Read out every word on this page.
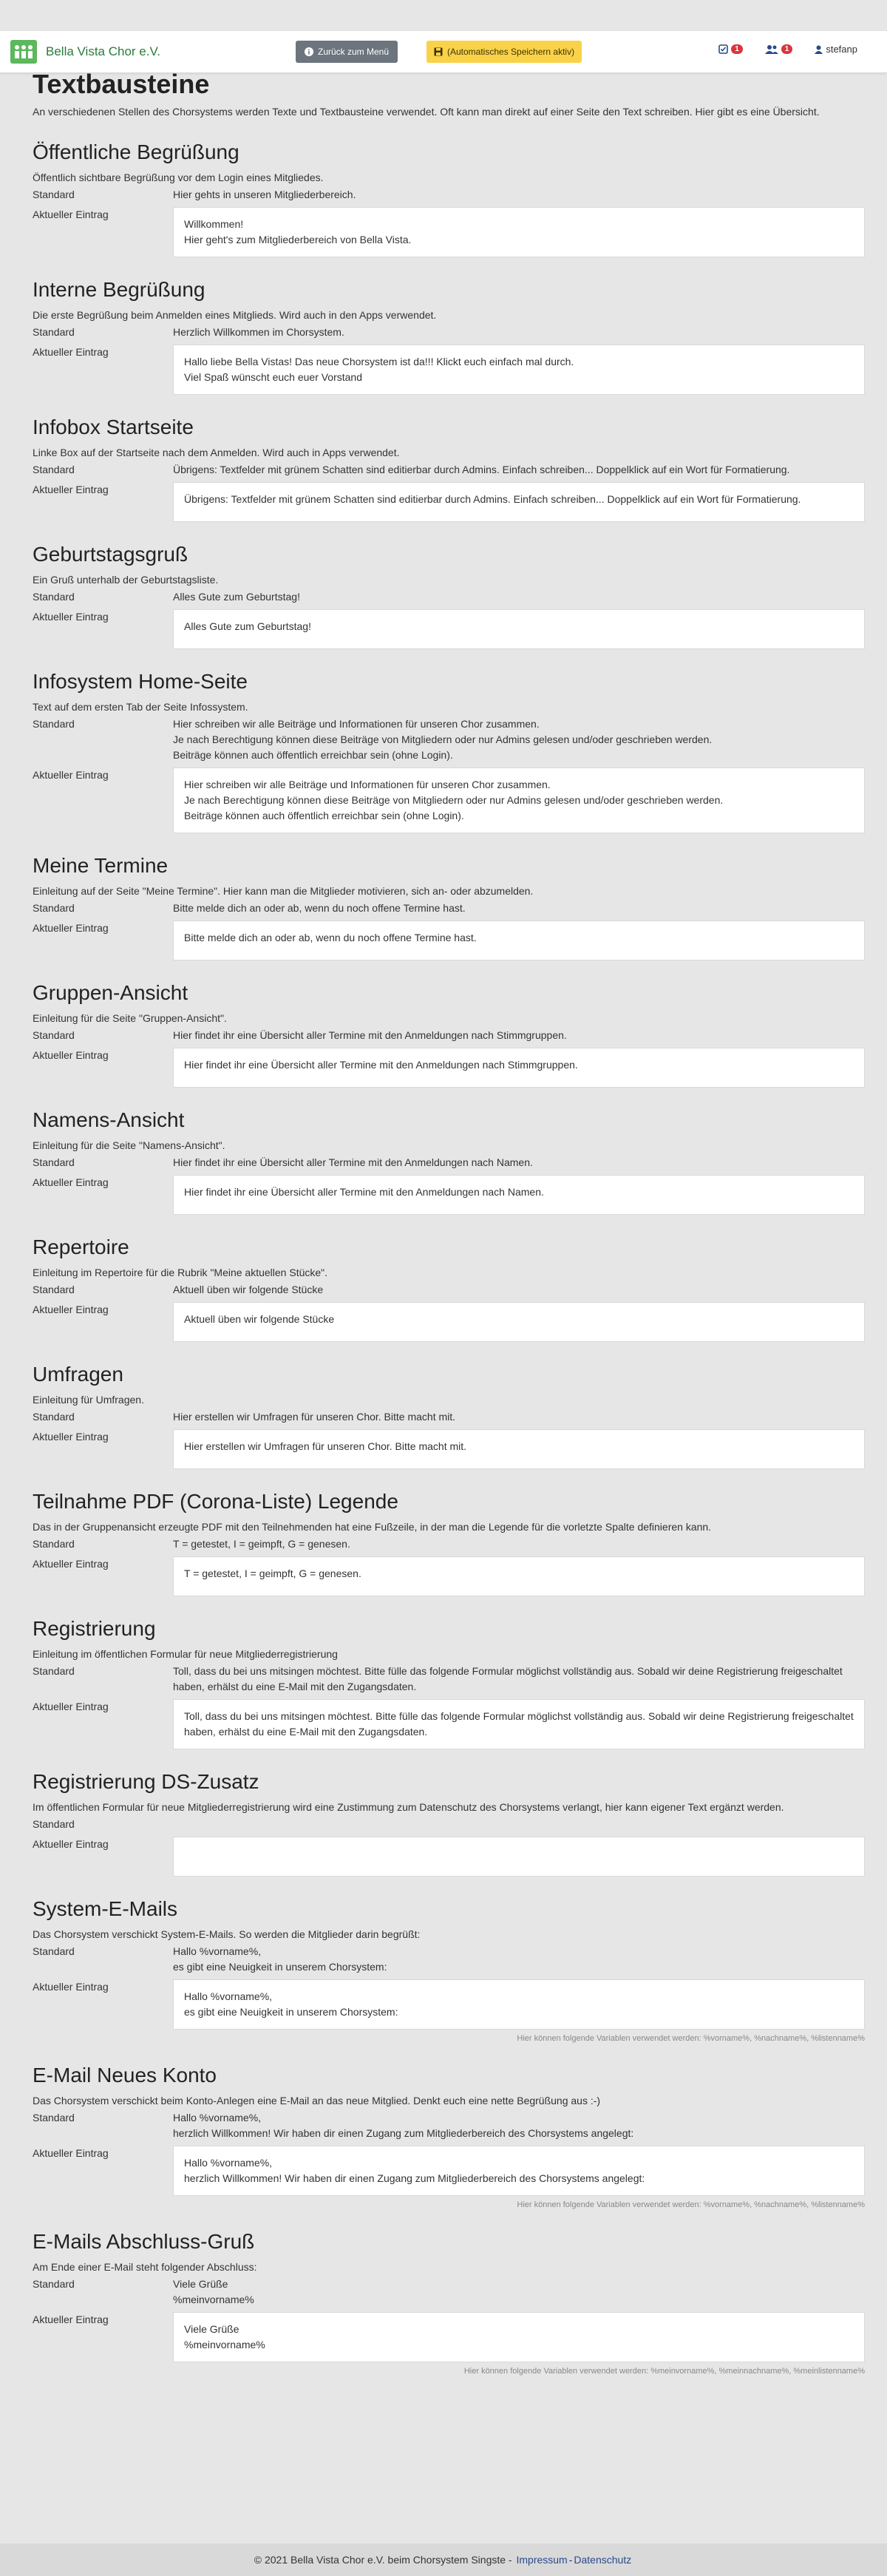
Bella Vista Chor e.V.	Zurück zum Menü	(Automatisches Speichern aktiv)	1	1	stefanp
Textbausteine

An verschiedenen Stellen des Chorsystems werden Texte und Textbausteine verwendet. Oft kann man direkt auf einer Seite den Text schreiben. Hier gibt es eine Übersicht.

Öffentliche Begrüßung

Öffentlich sichtbare Begrüßung vor dem Login eines Mitgliedes.

Standard	Hier gehts in unseren Mitgliederbereich.
Aktueller Eintrag
Willkommen!
Hier geht's zum Mitgliederbereich von Bella Vista.
Interne Begrüßung

Die erste Begrüßung beim Anmelden eines Mitglieds. Wird auch in den Apps verwendet.

Standard	Herzlich Willkommen im Chorsystem.
Aktueller Eintrag
Hallo liebe Bella Vistas! Das neue Chorsystem ist da!!! Klickt euch einfach mal durch.
Viel Spaß wünscht euch euer Vorstand
Infobox Startseite

Linke Box auf der Startseite nach dem Anmelden. Wird auch in Apps verwendet.

Standard	Übrigens: Textfelder mit grünem Schatten sind editierbar durch Admins. Einfach schreiben... Doppelklick auf ein Wort für Formatierung.
Aktueller Eintrag
Übrigens: Textfelder mit grünem Schatten sind editierbar durch Admins. Einfach schreiben... Doppelklick auf ein Wort für Formatierung.
Geburtstagsgruß

Ein Gruß unterhalb der Geburtstagsliste.

Standard	Alles Gute zum Geburtstag!
Aktueller Eintrag
Alles Gute zum Geburtstag!
Infosystem Home-Seite

Text auf dem ersten Tab der Seite Infossystem.

Standard	Hier schreiben wir alle Beiträge und Informationen für unseren Chor zusammen.
Je nach Berechtigung können diese Beiträge von Mitgliedern oder nur Admins gelesen und/oder geschrieben werden.
Beiträge können auch öffentlich erreichbar sein (ohne Login).
Aktueller Eintrag
Hier schreiben wir alle Beiträge und Informationen für unseren Chor zusammen.
Je nach Berechtigung können diese Beiträge von Mitgliedern oder nur Admins gelesen und/oder geschrieben werden.
Beiträge können auch öffentlich erreichbar sein (ohne Login).
Meine Termine

Einleitung auf der Seite "Meine Termine". Hier kann man die Mitglieder motivieren, sich an- oder abzumelden.

Standard	Bitte melde dich an oder ab, wenn du noch offene Termine hast.
Aktueller Eintrag
Bitte melde dich an oder ab, wenn du noch offene Termine hast.
Gruppen-Ansicht

Einleitung für die Seite "Gruppen-Ansicht".

Standard	Hier findet ihr eine Übersicht aller Termine mit den Anmeldungen nach Stimmgruppen.
Aktueller Eintrag
Hier findet ihr eine Übersicht aller Termine mit den Anmeldungen nach Stimmgruppen.
Namens-Ansicht

Einleitung für die Seite "Namens-Ansicht".

Standard	Hier findet ihr eine Übersicht aller Termine mit den Anmeldungen nach Namen.
Aktueller Eintrag
Hier findet ihr eine Übersicht aller Termine mit den Anmeldungen nach Namen.
Repertoire

Einleitung im Repertoire für die Rubrik "Meine aktuellen Stücke".

Standard	Aktuell üben wir folgende Stücke
Aktueller Eintrag
Aktuell üben wir folgende Stücke
Umfragen

Einleitung für Umfragen.

Standard	Hier erstellen wir Umfragen für unseren Chor. Bitte macht mit.
Aktueller Eintrag
Hier erstellen wir Umfragen für unseren Chor. Bitte macht mit.
Teilnahme PDF (Corona-Liste) Legende

Das in der Gruppenansicht erzeugte PDF mit den Teilnehmenden hat eine Fußzeile, in der man die Legende für die vorletzte Spalte definieren kann.

Standard	T = getestet, I = geimpft, G = genesen.
Aktueller Eintrag
T = getestet, I = geimpft, G = genesen.
Registrierung

Einleitung im öffentlichen Formular für neue Mitgliederregistrierung

Standard	Toll, dass du bei uns mitsingen möchtest. Bitte fülle das folgende Formular möglichst vollständig aus. Sobald wir deine Registrierung freigeschaltet haben, erhälst du eine E-Mail mit den Zugangsdaten.
Aktueller Eintrag
Toll, dass du bei uns mitsingen möchtest. Bitte fülle das folgende Formular möglichst vollständig aus. Sobald wir deine Registrierung freigeschaltet haben, erhälst du eine E-Mail mit den Zugangsdaten.
Registrierung DS-Zusatz

Im öffentlichen Formular für neue Mitgliederregistrierung wird eine Zustimmung zum Datenschutz des Chorsystems verlangt, hier kann eigener Text ergänzt werden.

Standard
Aktueller Eintrag
System-E-Mails

Das Chorsystem verschickt System-E-Mails. So werden die Mitglieder darin begrüßt:

Standard	Hallo %vorname%,
es gibt eine Neuigkeit in unserem Chorsystem:
Aktueller Eintrag
Hallo %vorname%,
es gibt eine Neuigkeit in unserem Chorsystem:
Hier können folgende Variablen verwendet werden: %vorname%, %nachname%, %listenname%
E-Mail Neues Konto

Das Chorsystem verschickt beim Konto-Anlegen eine E-Mail an das neue Mitglied. Denkt euch eine nette Begrüßung aus :-)

Standard	Hallo %vorname%,
herzlich Willkommen! Wir haben dir einen Zugang zum Mitgliederbereich des Chorsystems angelegt:
Aktueller Eintrag
Hallo %vorname%,
herzlich Willkommen! Wir haben dir einen Zugang zum Mitgliederbereich des Chorsystems angelegt:
Hier können folgende Variablen verwendet werden: %vorname%, %nachname%, %listenname%
E-Mails Abschluss-Gruß

Am Ende einer E-Mail steht folgender Abschluss:

Standard	Viele Grüße
%meinvorname%
Aktueller Eintrag
Viele Grüße
%meinvorname%
Hier können folgende Variablen verwendet werden: %meinvorname%, %meinnachname%, %meinlistenname%
© 2021 Bella Vista Chor e.V. beim Chorsystem Singste -
Impressum - Datenschutz
